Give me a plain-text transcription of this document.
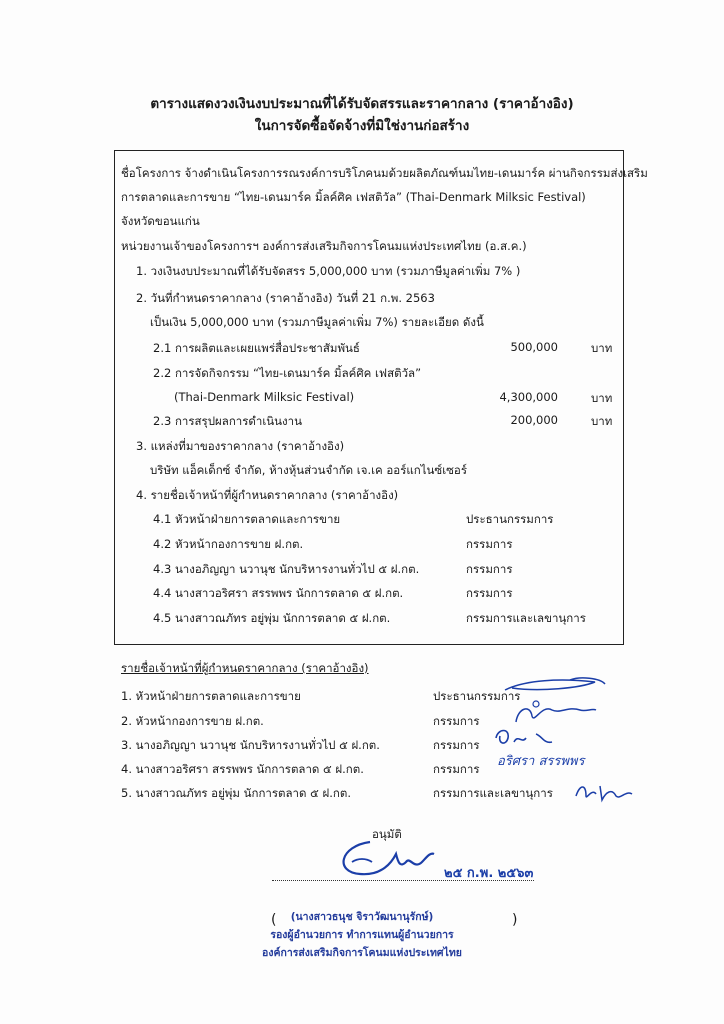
ตารางแสดงวงเงินงบประมาณที่ได้รับจัดสรรและราคากลาง (ราคาอ้างอิง)
ในการจัดซื้อจัดจ้างที่มิใช่งานก่อสร้าง
ชื่อโครงการ จ้างดำเนินโครงการรณรงค์การบริโภคนมด้วยผลิตภัณฑ์นมไทย-เดนมาร์ค ผ่านกิจกรรมส่งเสริม
การตลาดและการขาย “ไทย-เดนมาร์ค มิ้ลค์ศิค เฟสติวัล” (Thai-Denmark Milksic Festival)
จังหวัดขอนแก่น
หน่วยงานเจ้าของโครงการฯ องค์การส่งเสริมกิจการโคนมแห่งประเทศไทย (อ.ส.ค.)
1. วงเงินงบประมาณที่ได้รับจัดสรร 5,000,000 บาท (รวมภาษีมูลค่าเพิ่ม 7% )
2. วันที่กำหนดราคากลาง (ราคาอ้างอิง) วันที่ 21 ก.พ. 2563
เป็นเงิน 5,000,000 บาท (รวมภาษีมูลค่าเพิ่ม 7%) รายละเอียด ดังนี้
2.1 การผลิตและเผยแพร่สื่อประชาสัมพันธ์	500,000	บาท
2.2 การจัดกิจกรรม “ไทย-เดนมาร์ค มิ้ลค์ศิค เฟสติวัล”
(Thai-Denmark Milksic Festival)	4,300,000	บาท
2.3 การสรุปผลการดำเนินงาน	200,000	บาท
3. แหล่งที่มาของราคากลาง (ราคาอ้างอิง)
บริษัท แอ็คเด็กซ์ จำกัด, ห้างหุ้นส่วนจำกัด เจ.เค ออร์แกไนซ์เซอร์
4. รายชื่อเจ้าหน้าที่ผู้กำหนดราคากลาง (ราคาอ้างอิง)
4.1 หัวหน้าฝ่ายการตลาดและการขาย	ประธานกรรมการ
4.2 หัวหน้ากองการขาย ฝ.กต.	กรรมการ
4.3 นางอภิญญา นวานุช นักบริหารงานทั่วไป ๕ ฝ.กต.	กรรมการ
4.4 นางสาวอริศรา สรรพพร นักการตลาด ๕ ฝ.กต.	กรรมการ
4.5 นางสาวณภัทร อยู่พุ่ม นักการตลาด ๕ ฝ.กต.	กรรมการและเลขานุการ
รายชื่อเจ้าหน้าที่ผู้กำหนดราคากลาง (ราคาอ้างอิง)
1. หัวหน้าฝ่ายการตลาดและการขาย	ประธานกรรมการ
2. หัวหน้ากองการขาย ฝ.กต.	กรรมการ
3. นางอภิญญา นวานุช นักบริหารงานทั่วไป ๕ ฝ.กต.	กรรมการ
4. นางสาวอริศรา สรรพพร นักการตลาด ๕ ฝ.กต.	กรรมการ
5. นางสาวณภัทร อยู่พุ่ม นักการตลาด ๕ ฝ.กต.	กรรมการและเลขานุการ
อริศรา สรรพพร
อนุมัติ
๒๕ ก.พ. ๒๕๖๓
(	)
(นางสาวธนุช จิราวัฒนานุรักษ์)
รองผู้อำนวยการ ทำการแทนผู้อำนวยการ
องค์การส่งเสริมกิจการโคนมแห่งประเทศไทย
